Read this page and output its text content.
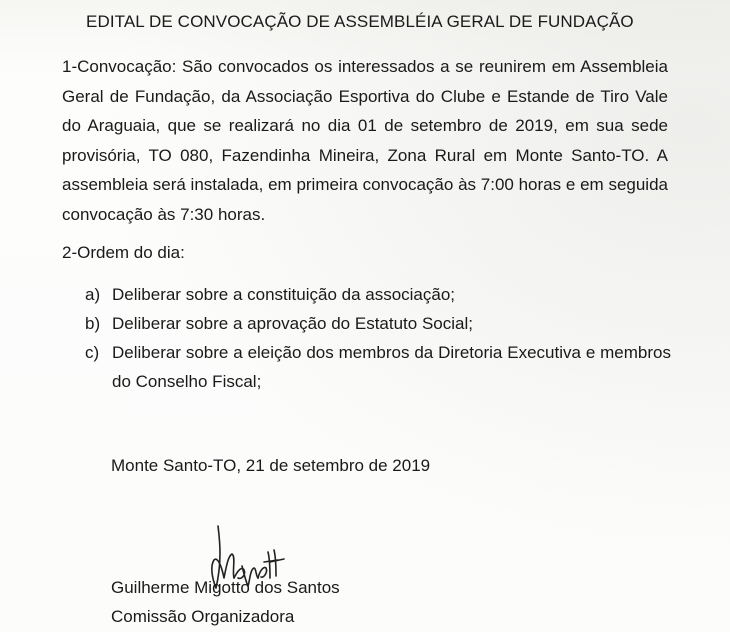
EDITAL DE CONVOCAÇÃO DE ASSEMBLÉIA GERAL DE FUNDAÇÃO
1-Convocação: São convocados os interessados a se reunirem em Assembleia Geral de Fundação, da Associação Esportiva do Clube e Estande de Tiro Vale do Araguaia, que se realizará no dia 01 de setembro de 2019, em sua sede provisória, TO 080, Fazendinha Mineira, Zona Rural em Monte Santo-TO. A assembleia será instalada, em primeira convocação às 7:00 horas e em seguida convocação às 7:30 horas.
2-Ordem do dia:
a) Deliberar sobre a constituição da associação;
b) Deliberar sobre a aprovação do Estatuto Social;
c) Deliberar sobre a eleição dos membros da Diretoria Executiva e membros do Conselho Fiscal;
Monte Santo-TO, 21 de setembro de 2019
Guilherme Migotto dos Santos
Comissão Organizadora
